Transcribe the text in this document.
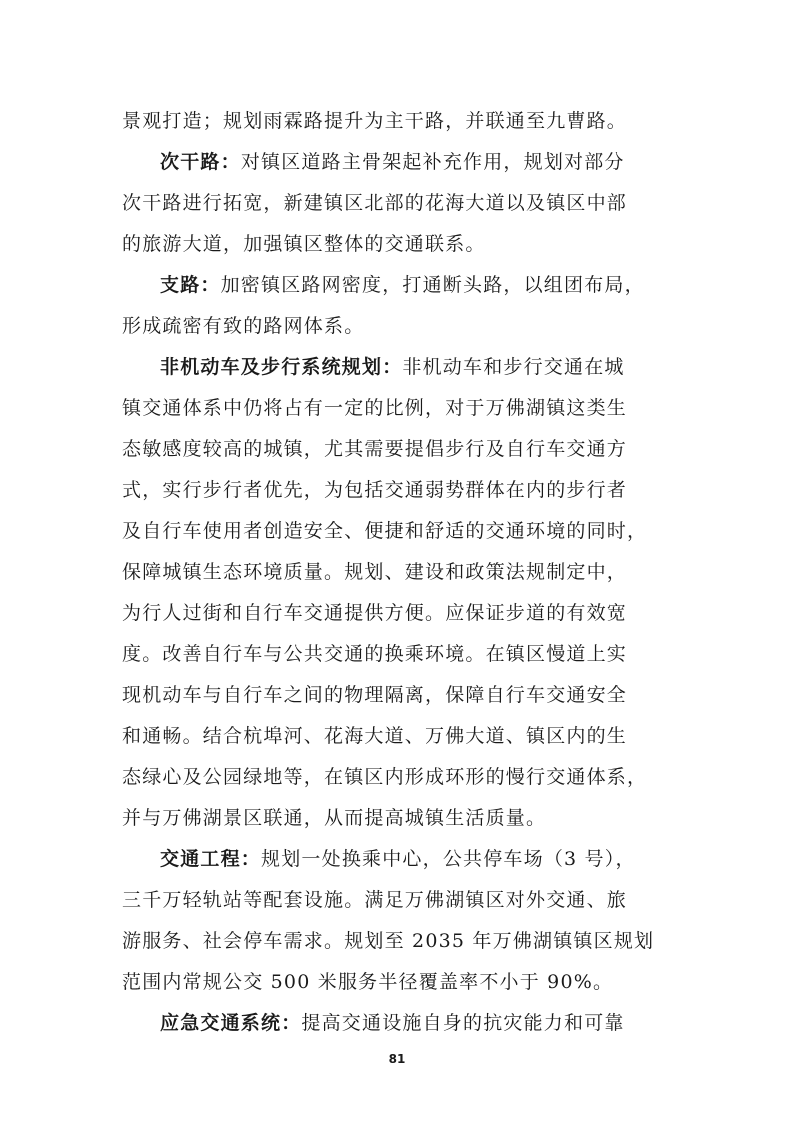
景观打造；规划雨霖路提升为主干路，并联通至九曹路。
次干路：对镇区道路主骨架起补充作用，规划对部分
次干路进行拓宽，新建镇区北部的花海大道以及镇区中部
的旅游大道，加强镇区整体的交通联系。
支路：加密镇区路网密度，打通断头路，以组团布局，
形成疏密有致的路网体系。
非机动车及步行系统规划：非机动车和步行交通在城
镇交通体系中仍将占有一定的比例，对于万佛湖镇这类生
态敏感度较高的城镇，尤其需要提倡步行及自行车交通方
式，实行步行者优先，为包括交通弱势群体在内的步行者
及自行车使用者创造安全、便捷和舒适的交通环境的同时，
保障城镇生态环境质量。规划、建设和政策法规制定中，
为行人过街和自行车交通提供方便。应保证步道的有效宽
度。改善自行车与公共交通的换乘环境。在镇区慢道上实
现机动车与自行车之间的物理隔离，保障自行车交通安全
和通畅。结合杭埠河、花海大道、万佛大道、镇区内的生
态绿心及公园绿地等，在镇区内形成环形的慢行交通体系，
并与万佛湖景区联通，从而提高城镇生活质量。
交通工程：规划一处换乘中心，公共停车场（3 号），
三千万轻轨站等配套设施。满足万佛湖镇区对外交通、旅
游服务、社会停车需求。规划至 2035 年万佛湖镇镇区规划
范围内常规公交 500 米服务半径覆盖率不小于 90%。
应急交通系统：提高交通设施自身的抗灾能力和可靠
81
